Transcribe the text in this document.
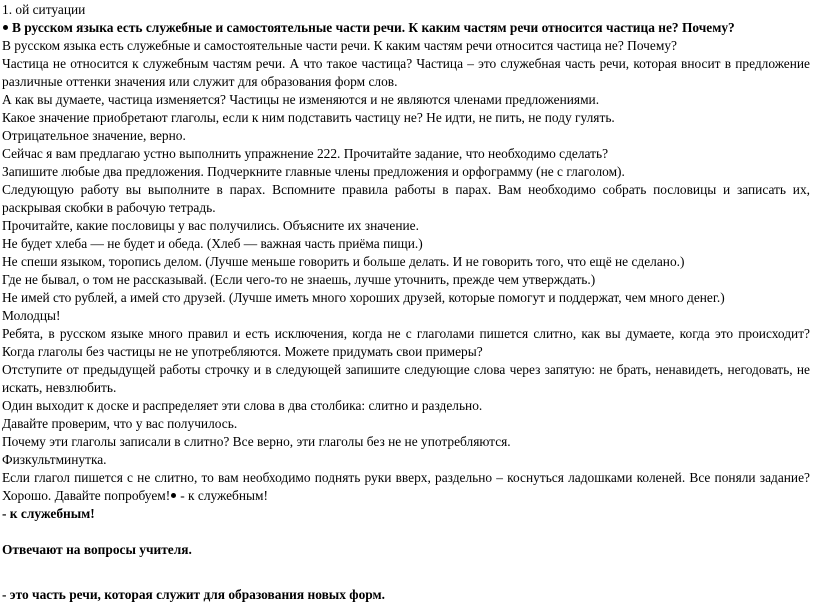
1. ой ситуации
В русском языка есть служебные и самостоятельные части речи. К каким частям речи относится частица не? Почему?
В русском языка есть служебные и самостоятельные части речи. К каким частям речи относится частица не? Почему?
Частица не относится к служебным частям речи. А что такое частица? Частица – это служебная часть речи, которая вносит в предложение
различные оттенки значения или служит для образования форм слов.
А как вы думаете, частица изменяется? Частицы не изменяются и не являются членами предложениями.
Какое значение приобретают глаголы, если к ним подставить частицу не? Не идти, не пить, не поду гулять.
Отрицательное значение, верно.
Сейчас я вам предлагаю устно выполнить упражнение 222. Прочитайте задание, что необходимо сделать?
Запишите любые два предложения. Подчеркните главные члены предложения и орфограмму (не с глаголом).
Следующую работу вы выполните в парах. Вспомните правила работы в парах. Вам необходимо собрать пословицы и записать их,
раскрывая скобки в рабочую тетрадь.
Прочитайте, какие пословицы у вас получились. Объясните их значение.
Не будет хлеба — не будет и обеда. (Хлеб — важная часть приёма пищи.)
Не спеши языком, торопись делом. (Лучше меньше говорить и больше делать. И не говорить того, что ещё не сделано.)
Где не бывал, о том не рассказывай. (Если чего-то не знаешь, лучше уточнить, прежде чем утверждать.)
Не имей сто рублей, а имей сто друзей. (Лучше иметь много хороших друзей, которые помогут и поддержат, чем много денег.)
Молодцы!
Ребята, в русском языке много правил и есть исключения, когда не с глаголами пишется слитно, как вы думаете, когда это происходит?
Когда глаголы без частицы не не употребляются. Можете придумать свои примеры?
Отступите от предыдущей работы строчку и в следующей запишите следующие слова через запятую: не брать, ненавидеть, негодовать, не
искать, невзлюбить.
Один выходит к доске и распределяет эти слова в два столбика: слитно и раздельно.
Давайте проверим, что у вас получилось.
Почему эти глаголы записали в слитно? Все верно, эти глаголы без не не употребляются.
Физкультминутка.
Если глагол пишется с не слитно, то вам необходимо поднять руки вверх, раздельно – коснуться ладошками коленей. Все поняли задание?
Хорошо. Давайте попробуем! - к служебным!
- к служебным!
Отвечают на вопросы учителя.
- это часть речи, которая служит для образования новых форм.
